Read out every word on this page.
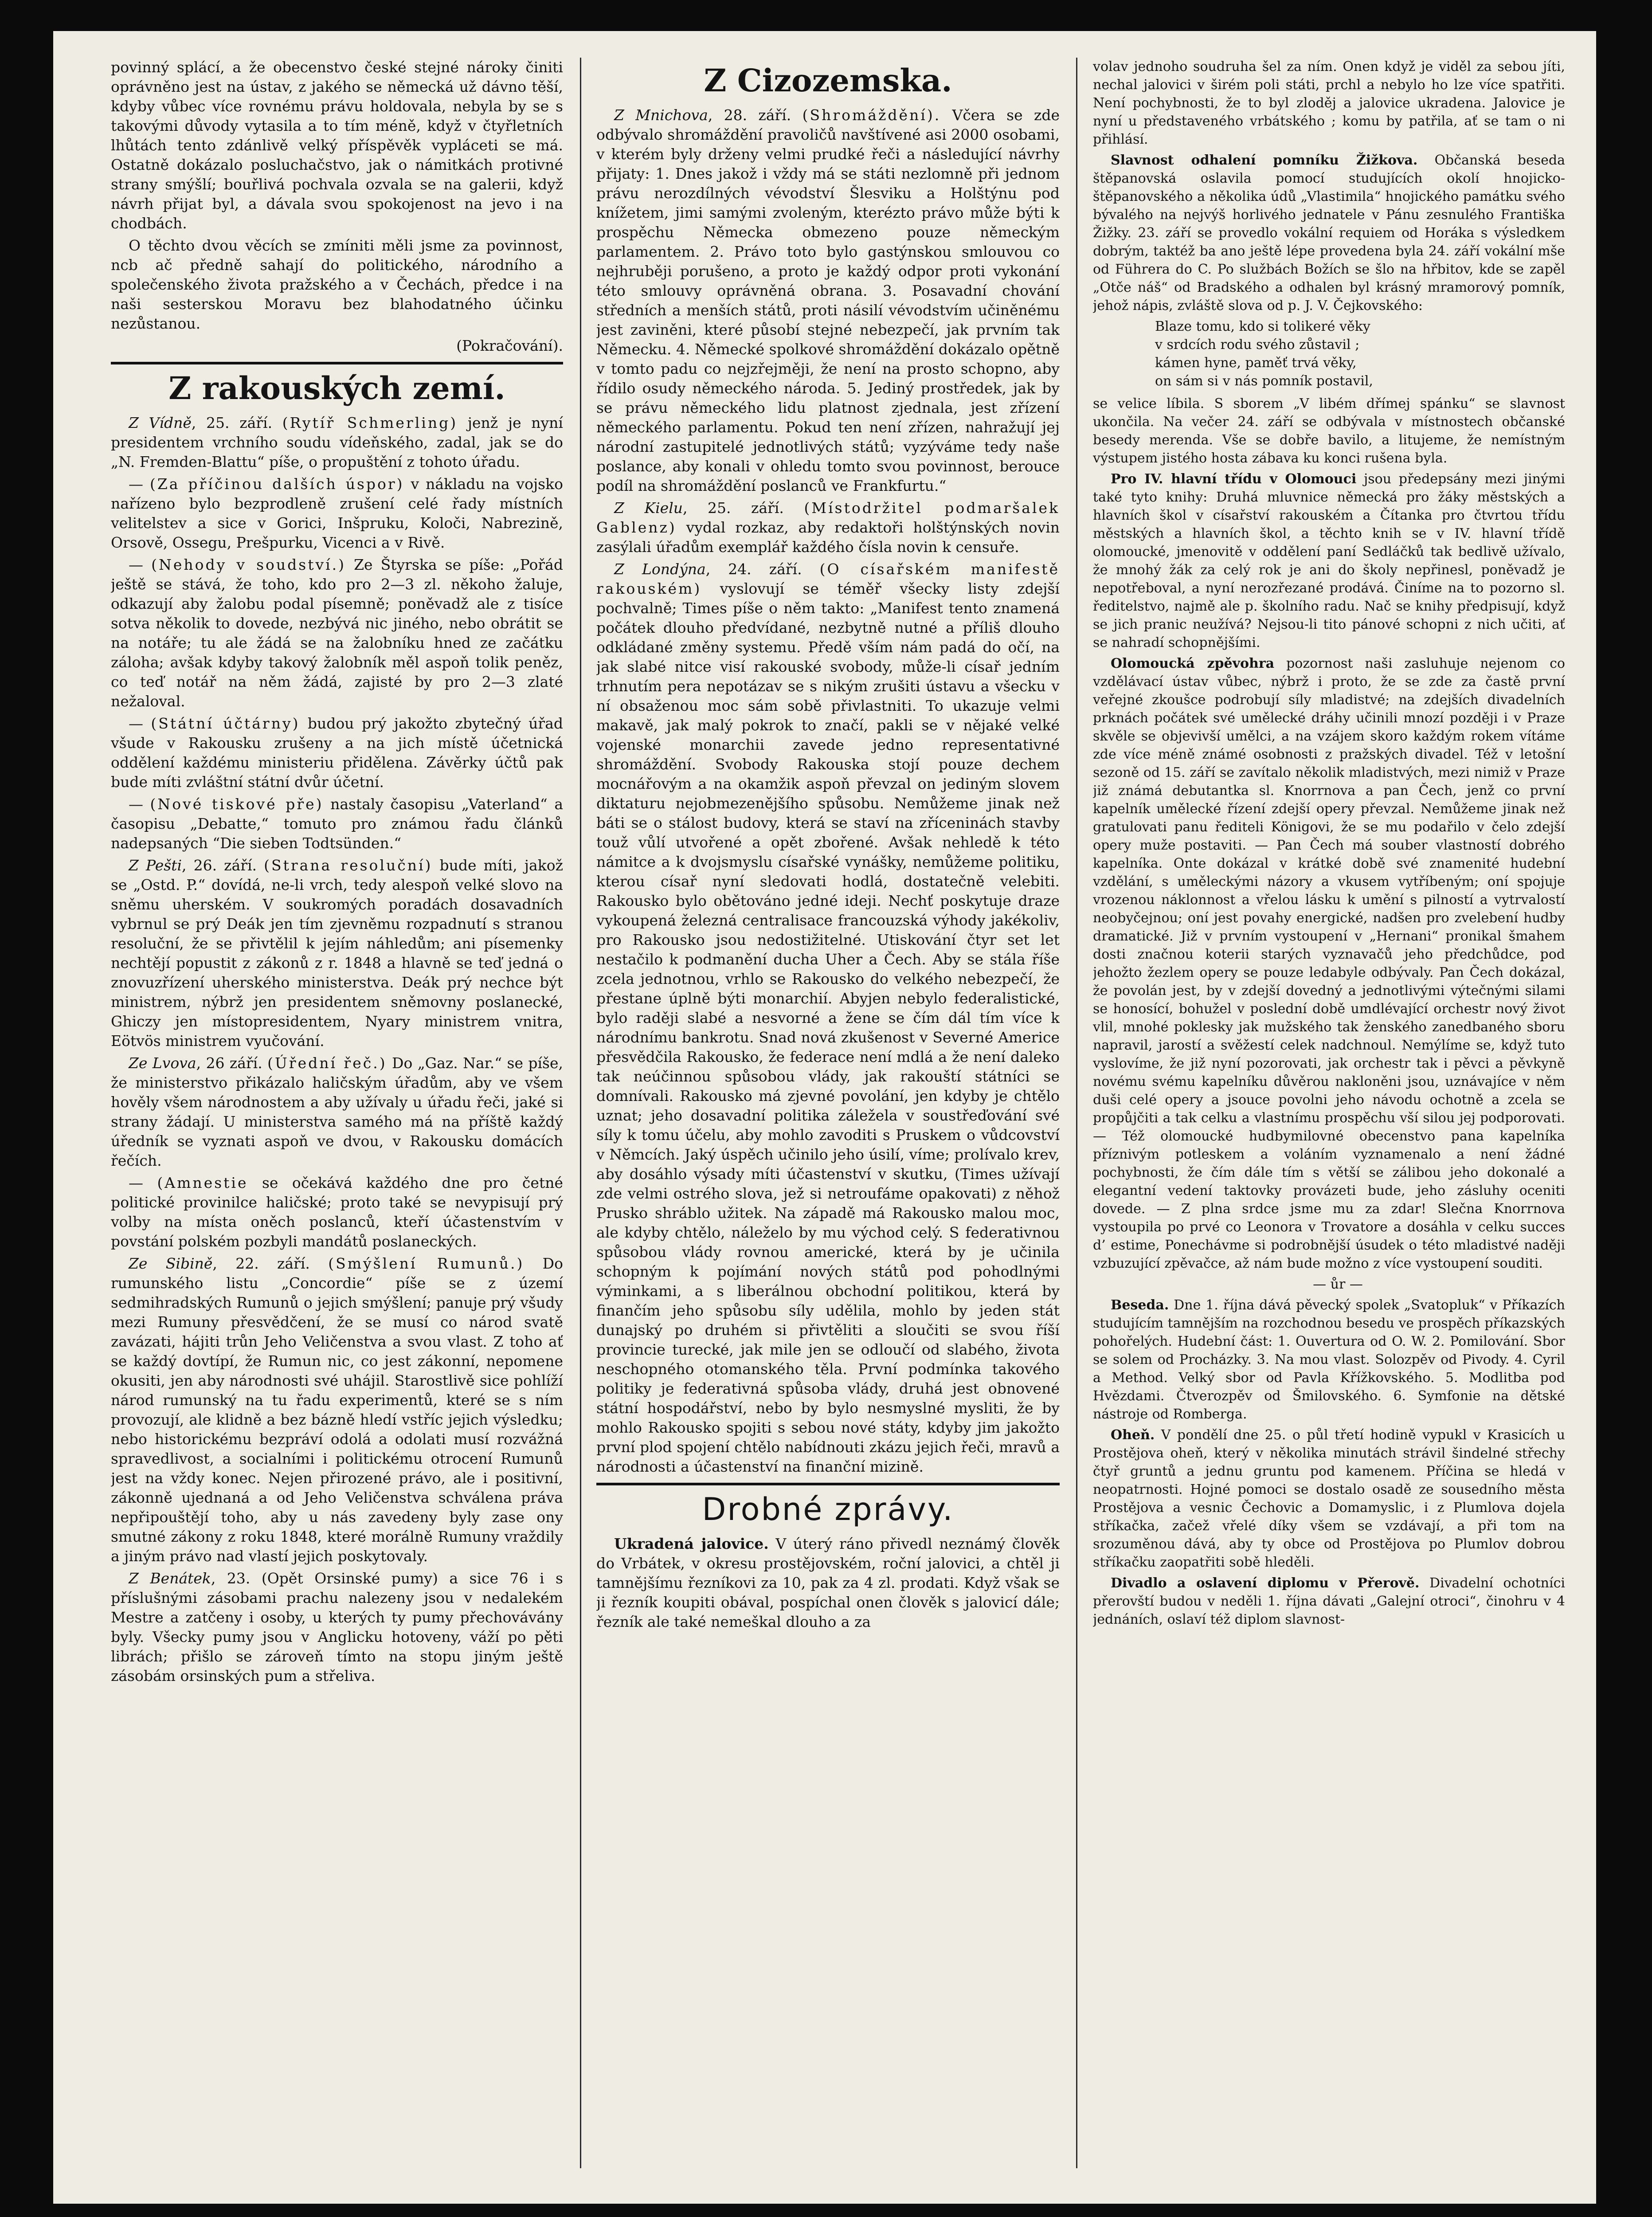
povinný splácí, a že obecenstvo české stejné nároky činiti oprávněno jest na ústav, z jakého se německá už dávno těší, kdyby vůbec více rovnému právu holdovala, nebyla by se s takovými důvody vytasila a to tím méně, když v čtyřletních lhůtách tento zdánlivě velký příspěvěk vypláceti se má. Ostatně dokázalo posluchačstvo, jak o námitkách protivné strany smýšlí; bouřlivá pochvala ozvala se na galerii, když návrh přijat byl, a dávala svou spokojenost na jevo i na chodbách.

O těchto dvou věcích se zmíniti měli jsme za povinnost, ncb ač předně sahají do politického, národního a společenského života pražského a v Čechách, předce i na naši sesterskou Moravu bez blahodatného účinku nezůstanou.

(Pokračování).

Z rakouských zemí.

Z Vídně, 25. září. (Rytíř Schmerling) jenž je nyní presidentem vrchního soudu vídeňského, zadal, jak se do „N. Fremden-Blattu“ píše, o propuštění z tohoto úřadu.

— (Za příčinou dalších úspor) v nákladu na vojsko nařízeno bylo bezprodleně zrušení celé řady místních velitelstev a sice v Gorici, Inšpruku, Koloči, Nabrezině, Orsově, Ossegu, Prešpurku, Vicenci a v Rivě.

— (Nehody v soudství.) Ze Štyrska se píše: „Pořád ještě se stává, že toho, kdo pro 2—3 zl. někoho žaluje, odkazují aby žalobu podal písemně; poněvadž ale z tisíce sotva několik to dovede, nezbývá nic jiného, nebo obrátit se na notáře; tu ale žádá se na žalobníku hned ze začátku záloha; avšak kdyby takový žalobník měl aspoň tolik peněz, co teď notář na něm žádá, zajisté by pro 2—3 zlaté nežaloval.

— (Státní účtárny) budou prý jakožto zbytečný úřad všude v Rakousku zrušeny a na jich místě účetnická oddělení každému ministeriu přidělena. Závěrky účtů pak bude míti zvláštní státní dvůr účetní.

— (Nové tiskové pře) nastaly časopisu „Vaterland“ a časopisu „Debatte,“ tomuto pro známou řadu článků nadepsaných “Die sieben Todtsünden.“

Z Pešti, 26. září. (Strana resoluční) bude míti, jakož se „Ostd. P.“ dovídá, ne-li vrch, tedy alespoň velké slovo na sněmu uherském. V soukromých poradách dosavadních vybrnul se prý Deák jen tím zjevněmu rozpadnutí s stranou resoluční, že se přivtělil k jejím náhledům; ani písemenky nechtějí popustit z zákonů z r. 1848 a hlavně se teď jedná o znovuzřízení uherského ministerstva. Deák prý nechce být ministrem, nýbrž jen presidentem sněmovny poslanecké, Ghiczy jen místopresidentem, Nyary ministrem vnitra, Eötvös ministrem vyučování.

Ze Lvova, 26 září. (Úřední řeč.) Do „Gaz. Nar.“ se píše, že ministerstvo přikázalo haličským úřadům, aby ve všem hověly všem národnostem a aby užívaly u úřadu řeči, jaké si strany žádají. U ministerstva samého má na příště každý úředník se vyznati aspoň ve dvou, v Rakousku domácích řečích.

— (Amnestie se očekává každého dne pro četné politické provinilce haličské; proto také se nevypisují prý volby na místa oněch poslanců, kteří účastenstvím v povstání polském pozbyli mandátů poslaneckých.

Ze Sibině, 22. září. (Smýšlení Rumunů.) Do rumunského listu „Concordie“ píše se z území sedmihradských Rumunů o jejich smýšlení; panuje prý všudy mezi Rumuny přesvědčení, že se musí co národ svatě zavázati, hájiti trůn Jeho Veličenstva a svou vlast. Z toho ať se každý dovtípí, že Rumun nic, co jest zákonní, nepomene okusiti, jen aby národnosti své uhájil. Starostlivě sice pohlíží národ rumunský na tu řadu experimentů, které se s ním provozují, ale klidně a bez bázně hledí vstříc jejich výsledku; nebo historickému bezpráví odolá a odolati musí rozvážná spravedlivost, a socialními i politickému otrocení Rumunů jest na vždy konec. Nejen přirozené právo, ale i positivní, zákonně ujednaná a od Jeho Veličenstva schválena práva nepřipouštějí toho, aby u nás zavedeny byly zase ony smutné zákony z roku 1848, které morálně Rumuny vraždily a jiným právo nad vlastí jejich poskytovaly.

Z Benátek, 23. (Opět Orsinské pumy) a sice 76 i s příslušnými zásobami prachu nalezeny jsou v nedalekém Mestre a zatčeny i osoby, u kterých ty pumy přechovávány byly. Všecky pumy jsou v Anglicku hotoveny, váží po pěti librách; přišlo se zároveň tímto na stopu jiným ještě zásobám orsinských pum a střeliva.

Z Cizozemska.

Z Mnichova, 28. září. (Shromáždění). Včera se zde odbývalo shromáždění pravoličů navštívené asi 2000 osobami, v kterém byly drženy velmi prudké řeči a následující návrhy přijaty: 1. Dnes jakož i vždy má se státi nezlomně při jednom právu nerozdílných vévodství Šlesviku a Holštýnu pod knížetem, jimi samými zvoleným, kterézto právo může býti k prospěchu Německa obmezeno pouze německým parlamentem. 2. Právo toto bylo gastýnskou smlouvou co nejhruběji porušeno, a proto je každý odpor proti vykonání této smlouvy oprávněná obrana. 3. Posavadní chování středních a menších států, proti násilí vévodstvím učiněnému jest zaviněni, které působí stejné nebezpečí, jak prvním tak Německu. 4. Německé spolkové shromáždění dokázalo opětně v tomto padu co nejzřejměji, že není na prosto schopno, aby řídilo osudy německého národa. 5. Jediný prostředek, jak by se právu německého lidu platnost zjednala, jest zřízení německého parlamentu. Pokud ten není zřízen, nahražují jej národní zastupitelé jednotlivých států; vyzýváme tedy naše poslance, aby konali v ohledu tomto svou povinnost, berouce podíl na shromáždění poslanců ve Frankfurtu.“

Z Kielu, 25. září. (Místodržitel podmaršalek Gablenz) vydal rozkaz, aby redaktoři holštýnských novin zasýlali úřadům exemplář každého čísla novin k censuře.

Z Londýna, 24. září. (O císařském manifestě rakouském) vyslovují se téměř všecky listy zdejší pochvalně; Times píše o něm takto: „Manifest tento znamená počátek dlouho předvídané, nezbytně nutné a příliš dlouho odkládané změny systemu. Předě vším nám padá do očí, na jak slabé nitce visí rakouské svobody, může-li císař jedním trhnutím pera nepotázav se s nikým zrušiti ústavu a všecku v ní obsaženou moc sám sobě přivlastniti. To ukazuje velmi makavě, jak malý pokrok to značí, pakli se v nějaké velké vojenské monarchii zavede jedno representativné shromáždění. Svobody Rakouska stojí pouze dechem mocnářovým a na okamžik aspoň převzal on jediným slovem diktaturu nejobmezenějšího spůsobu. Nemůžeme jinak než báti se o stálost budovy, která se staví na zříceninách stavby touž vůlí utvořené a opět zbořené. Avšak nehledě k této námitce a k dvojsmyslu císařské vynášky, nemůžeme politiku, kterou císař nyní sledovati hodlá, dostatečně velebiti. Rakousko bylo obětováno jedné ideji. Nechť poskytuje draze vykoupená železná centralisace francouzská výhody jakékoliv, pro Rakousko jsou nedostižitelné. Utiskování čtyr set let nestačilo k podmanění ducha Uher a Čech. Aby se stála říše zcela jednotnou, vrhlo se Rakousko do velkého nebezpečí, že přestane úplně býti monarchií. Abyjen nebylo federalistické, bylo raději slabé a nesvorné a žene se čím dál tím více k národnímu bankrotu. Snad nová zkušenost v Severné Americe přesvědčila Rakousko, že federace není mdlá a že není daleko tak neúčinnou spůsobou vlády, jak rakouští státníci se domnívali. Rakousko má zjevné povolání, jen kdyby je chtělo uznat; jeho dosavadní politika záležela v soustřeďování své síly k tomu účelu, aby mohlo zavoditi s Pruskem o vůdcovství v Němcích. Jaký úspěch učinilo jeho úsilí, víme; prolívalo krev, aby dosáhlo výsady míti účastenství v skutku, (Times užívají zde velmi ostrého slova, jež si netroufáme opakovati) z něhož Prusko shráblo užitek. Na západě má Rakousko malou moc, ale kdyby chtělo, náleželo by mu východ celý. S federativnou spůsobou vlády rovnou americké, která by je učinila schopným k pojímání nových států pod pohodlnými výminkami, a s liberálnou obchodní politikou, která by finančím jeho spůsobu síly udělila, mohlo by jeden stát dunajský po druhém si přivtěliti a sloučiti se svou říší provincie turecké, jak mile jen se odloučí od slabého, života neschopného otomanského těla. První podmínka takového politiky je federativná spůsoba vlády, druhá jest obnovené státní hospodářství, nebo by bylo nesmyslné mysliti, že by mohlo Rakousko spojiti s sebou nové státy, kdyby jim jakožto první plod spojení chtělo nabídnouti zkázu jejich řeči, mravů a národnosti a účastenství na finanční mizině.

Drobné zprávy.

Ukradená jalovice. V úterý ráno přivedl neznámý člověk do Vrbátek, v okresu prostějovském, roční jalovici, a chtěl ji tamnějšímu řezníkovi za 10, pak za 4 zl. prodati. Když však se ji řezník koupiti obával, pospíchal onen člověk s jalovicí dále; řezník ale také nemeškal dlouho a za

volav jednoho soudruha šel za ním. Onen když je viděl za sebou jíti, nechal jalovici v širém poli státi, prchl a nebylo ho lze více spatřiti. Není pochybnosti, že to byl zloděj a jalovice ukradena. Jalovice je nyní u představeného vrbátského ; komu by patřila, ať se tam o ni přihlásí.

Slavnost odhalení pomníku Žižkova. Občanská beseda štěpanovská oslavila pomocí studujících okolí hnojicko-štěpanovského a několika údů „Vlastimila“ hnojického památku svého bývalého na nejvýš horlivého jednatele v Pánu zesnulého Františka Žižky. 23. září se provedlo vokální requiem od Horáka s výsledkem dobrým, taktéž ba ano ještě lépe provedena byla 24. září vokální mše od Führera do C. Po službách Božích se šlo na hřbitov, kde se zapěl „Otče náš“ od Bradského a odhalen byl krásný mramorový pomník, jehož nápis, zvláště slova od p. J. V. Čejkovského:

Blaze tomu, kdo si tolikeré věky
v srdcích rodu svého zůstavil ;
kámen hyne, paměť trvá věky,
on sám si v nás pomník postavil,

se velice líbila. S sborem „V libém dřímej spánku“ se slavnost ukončila. Na večer 24. září se odbývala v místnostech občanské besedy merenda. Vše se dobře bavilo, a litujeme, že nemístným výstupem jistého hosta zábava ku konci rušena byla.

Pro IV. hlavní třídu v Olomouci jsou předepsány mezi jinými také tyto knihy: Druhá mluvnice německá pro žáky městských a hlavních škol v císařství rakouském a Čítanka pro čtvrtou třídu městských a hlavních škol, a těchto knih se v IV. hlavní třídě olomoucké, jmenovitě v oddělení paní Sedláčků tak bedlivě užívalo, že mnohý žák za celý rok je ani do školy nepřinesl, poněvadž je nepotřeboval, a nyní nerozřezané prodává. Činíme na to pozorno sl. ředitelstvo, najmě ale p. školního radu. Nač se knihy předpisují, když se jich pranic neužívá? Nejsou-li tito pánové schopni z nich učiti, ať se nahradí schopnějšími.

Olomoucká zpěvohra pozornost naši zasluhuje nejenom co vzdělávací ústav vůbec, nýbrž i proto, že se zde za častě první veřejné zkoušce podrobují síly mladistvé; na zdejších divadelních prknách počátek své umělecké dráhy učinili mnozí později i v Praze skvěle se objevivší umělci, a na vzájem skoro každým rokem vítáme zde více méně známé osobnosti z pražských divadel. Též v letošní sezoně od 15. září se zavítalo několik mladistvých, mezi nimiž v Praze již známá debutantka sl. Knorrnova a pan Čech, jenž co první kapelník umělecké řízení zdejší opery převzal. Nemůžeme jinak než gratulovati panu řediteli Königovi, že se mu podařilo v čelo zdejší opery muže postaviti. — Pan Čech má souber vlastností dobrého kapelníka. Onte dokázal v krátké době své znamenité hudební vzdělání, s uměleckými názory a vkusem vytříbeným; oní spojuje vrozenou náklonnost a vřelou lásku k umění s pilností a vytrvalostí neobyčejnou; oní jest povahy energické, nadšen pro zvelebení hudby dramatické. Již v prvním vystoupení v „Hernani“ pronikal šmahem dosti značnou koterii starých vyznavačů jeho předchůdce, pod jehožto žezlem opery se pouze ledabyle odbývaly. Pan Čech dokázal, že povolán jest, by v zdejší dovedný a jednotlivými výtečnými silami se honosící, bohužel v poslední době umdlévající orchestr nový život vlil, mnohé poklesky jak mužského tak ženského zanedbaného sboru napravil, jarostí a svěžestí celek nadchnoul. Nemýlíme se, když tuto vyslovíme, že již nyní pozorovati, jak orchestr tak i pěvci a pěvkyně novému svému kapelníku důvěrou nakloněni jsou, uznávajíce v něm duši celé opery a jsouce povolni jeho návodu ochotně a zcela se propůjčiti a tak celku a vlastnímu prospěchu vší silou jej podporovati. — Též olomoucké hudbymilovné obecenstvo pana kapelníka příznivým potleskem a voláním vyznamenalo a není žádné pochybnosti, že čím dále tím s větší se zálibou jeho dokonalé a elegantní vedení taktovky provázeti bude, jeho zásluhy oceniti dovede. — Z plna srdce jsme mu za zdar! Slečna Knorrnova vystoupila po prvé co Leonora v Trovatore a dosáhla v celku succes d’ estime, Ponechávme si podrobnější úsudek o této mladistvé naději vzbuzující zpěvačce, až nám bude možno z více vystoupení souditi.

— ůr —

Beseda. Dne 1. října dává pěvecký spolek „Svatopluk“ v Příkazích studujícím tamnějším na rozchodnou besedu ve prospěch příkazských pohořelých. Hudební část: 1. Ouvertura od O. W. 2. Pomilování. Sbor se solem od Procházky. 3. Na mou vlast. Solozpěv od Pivody. 4. Cyril a Method. Velký sbor od Pavla Křížkovského. 5. Modlitba pod Hvězdami. Čtverozpěv od Šmilovského. 6. Symfonie na dětské nástroje od Romberga.

Oheň. V pondělí dne 25. o půl třetí hodině vypukl v Krasicích u Prostějova oheň, který v několika minutách strávil šindelné střechy čtyř gruntů a jednu gruntu pod kamenem. Příčina se hledá v neopatrnosti. Hojné pomoci se dostalo osadě ze sousedního města Prostějova a vesnic Čechovic a Domamyslic, i z Plumlova dojela stříkačka, začež vřelé díky všem se vzdávají, a při tom na srozuměnou dává, aby ty obce od Prostějova po Plumlov dobrou stříkačku zaopatřiti sobě hleděli.

Divadlo a oslavení diplomu v Přerově. Divadelní ochotníci přerovští budou v neděli 1. října dávati „Galejní otroci“, činohru v 4 jednáních, oslaví též diplom slavnost-
